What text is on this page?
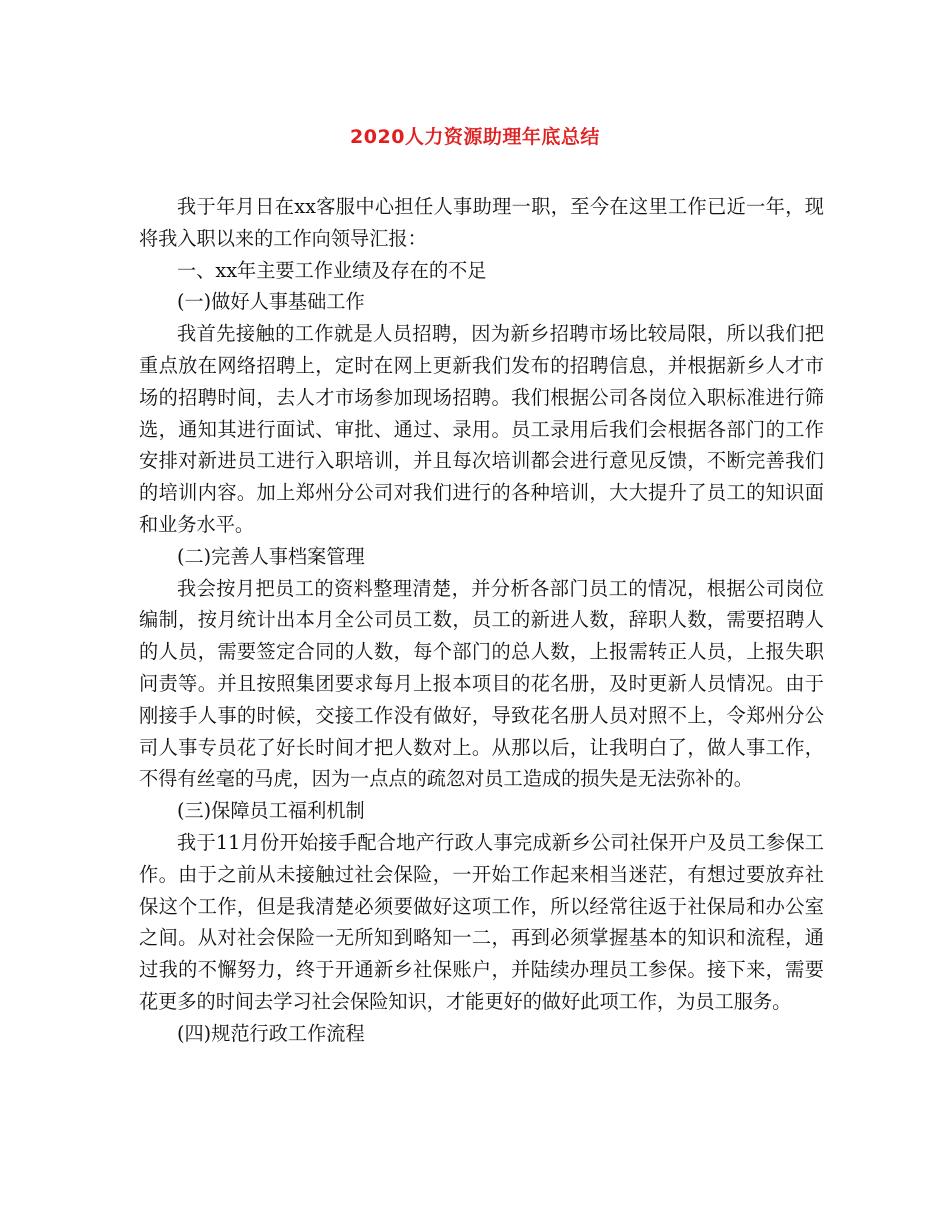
2020人力资源助理年底总结

我于年月日在xx客服中心担任人事助理一职，至今在这里工作已近一年，现将我入职以来的工作向领导汇报：

一、xx年主要工作业绩及存在的不足

(一)做好人事基础工作

我首先接触的工作就是人员招聘，因为新乡招聘市场比较局限，所以我们把重点放在网络招聘上，定时在网上更新我们发布的招聘信息，并根据新乡人才市场的招聘时间，去人才市场参加现场招聘。我们根据公司各岗位入职标准进行筛选，通知其进行面试、审批、通过、录用。员工录用后我们会根据各部门的工作安排对新进员工进行入职培训，并且每次培训都会进行意见反馈，不断完善我们的培训内容。加上郑州分公司对我们进行的各种培训，大大提升了员工的知识面和业务水平。

(二)完善人事档案管理

我会按月把员工的资料整理清楚，并分析各部门员工的情况，根据公司岗位编制，按月统计出本月全公司员工数，员工的新进人数，辞职人数，需要招聘人的人员，需要签定合同的人数，每个部门的总人数，上报需转正人员，上报失职问责等。并且按照集团要求每月上报本项目的花名册，及时更新人员情况。由于刚接手人事的时候，交接工作没有做好，导致花名册人员对照不上，令郑州分公司人事专员花了好长时间才把人数对上。从那以后，让我明白了，做人事工作，不得有丝毫的马虎，因为一点点的疏忽对员工造成的损失是无法弥补的。

(三)保障员工福利机制

我于11月份开始接手配合地产行政人事完成新乡公司社保开户及员工参保工作。由于之前从未接触过社会保险，一开始工作起来相当迷茫，有想过要放弃社保这个工作，但是我清楚必须要做好这项工作，所以经常往返于社保局和办公室之间。从对社会保险一无所知到略知一二，再到必须掌握基本的知识和流程，通过我的不懈努力，终于开通新乡社保账户，并陆续办理员工参保。接下来，需要花更多的时间去学习社会保险知识，才能更好的做好此项工作，为员工服务。

(四)规范行政工作流程
